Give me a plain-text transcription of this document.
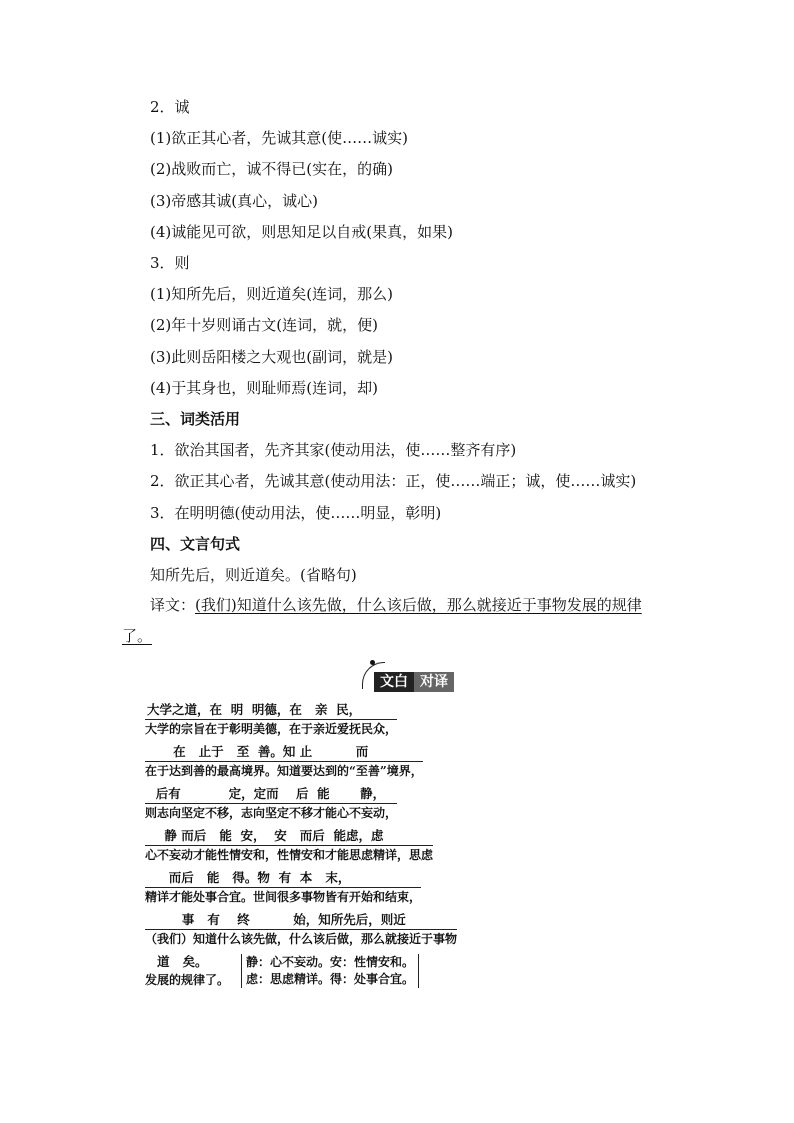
2．诚
(1)欲正其心者，先诚其意(使……诚实)
(2)战败而亡，诚不得已(实在，的确)
(3)帝感其诚(真心，诚心)
(4)诚能见可欲，则思知足以自戒(果真，如果)
3．则
(1)知所先后，则近道矣(连词，那么)
(2)年十岁则诵古文(连词，就，便)
(3)此则岳阳楼之大观也(副词，就是)
(4)于其身也，则耻师焉(连词，却)
三、词类活用
1．欲治其国者，先齐其家(使动用法，使……整齐有序)
2．欲正其心者，先诚其意(使动用法：正，使……端正；诚，使……诚实)
3．在明明德(使动用法，使……明显，彰明)
四、文言句式
知所先后，则近道矣。(省略句)
译文：(我们)知道什么该先做，什么该后做，那么就接近于事物发展的规律
了。
文白 对译
大学之道，在  明  明德，在   亲  民，
大学的宗旨在于彰明美德，在于亲近爱抚民众，
在   止于   至  善。知 止          而
在于达到善的最高境界。知道要达到的“至善”境界，
后有           定，定而    后  能       静，
则志向坚定不移，志向坚定不移才能心不妄动，
静 而后   能  安，  安   而后  能虑，虑
心不妄动才能性情安和，性情安和才能思虑精详，思虑
而后   能   得。物  有  本   末，
精详才能处事合宜。世间很多事物皆有开始和结束，
事   有    终          始，知所先后，则近
（我们）知道什么该先做，什么该后做，那么就接近于事物
道   矣。
发展的规律了。
静：心不妄动。安：性情安和。
虑：思虑精详。得：处事合宜。
